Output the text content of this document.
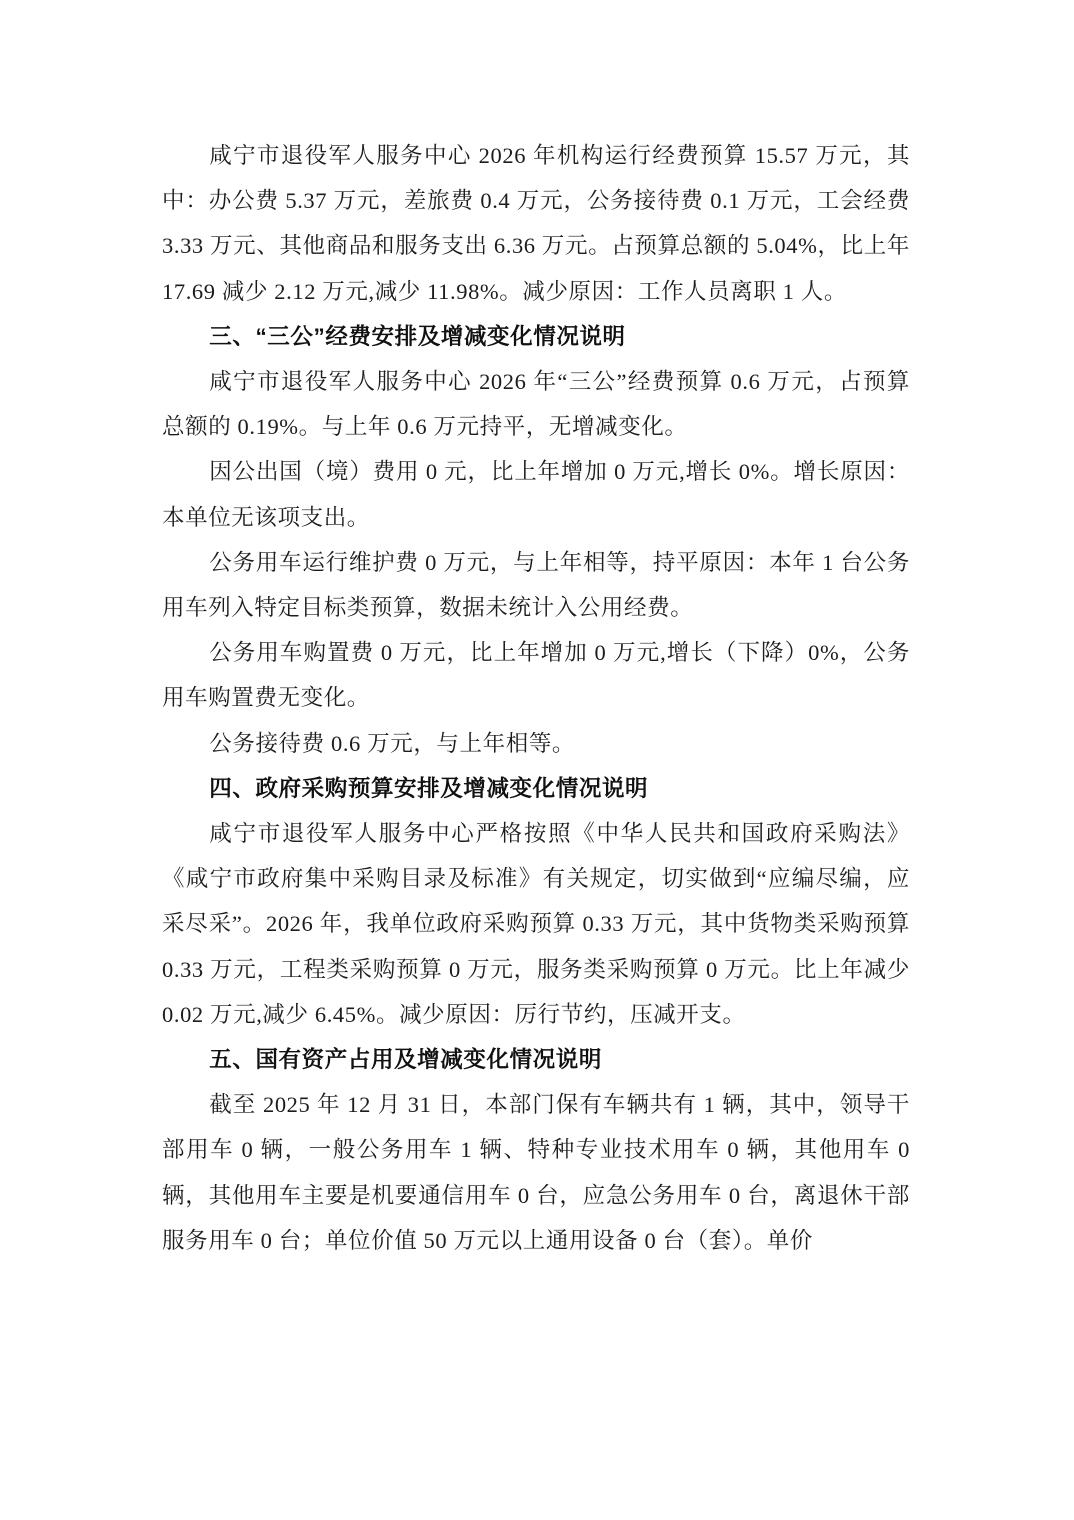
咸宁市退役军人服务中心 2026 年机构运行经费预算 15.57 万元，其中：办公费 5.37 万元，差旅费 0.4 万元，公务接待费 0.1 万元，工会经费 3.33 万元、其他商品和服务支出 6.36 万元。占预算总额的 5.04%，比上年 17.69 减少 2.12 万元,减少 11.98%。减少原因：工作人员离职 1 人。

三、“三公”经费安排及增减变化情况说明

咸宁市退役军人服务中心 2026 年“三公”经费预算 0.6 万元，占预算总额的 0.19%。与上年 0.6 万元持平，无增减变化。

因公出国（境）费用 0 元，比上年增加 0 万元,增长 0%。增长原因：本单位无该项支出。

公务用车运行维护费 0 万元，与上年相等，持平原因：本年 1 台公务用车列入特定目标类预算，数据未统计入公用经费。

公务用车购置费 0 万元，比上年增加 0 万元,增长（下降）0%，公务用车购置费无变化。

公务接待费 0.6 万元，与上年相等。

四、政府采购预算安排及增减变化情况说明

咸宁市退役军人服务中心严格按照《中华人民共和国政府采购法》《咸宁市政府集中采购目录及标准》有关规定，切实做到“应编尽编，应采尽采”。2026 年，我单位政府采购预算 0.33 万元，其中货物类采购预算 0.33 万元，工程类采购预算 0 万元，服务类采购预算 0 万元。比上年减少 0.02 万元,减少 6.45%。减少原因：厉行节约，压减开支。

五、国有资产占用及增减变化情况说明

截至 2025 年 12 月 31 日，本部门保有车辆共有 1 辆，其中，领导干部用车 0 辆，一般公务用车 1 辆、特种专业技术用车 0 辆，其他用车 0 辆，其他用车主要是机要通信用车 0 台，应急公务用车 0 台，离退休干部服务用车 0 台；单位价值 50 万元以上通用设备 0 台（套）。单价
